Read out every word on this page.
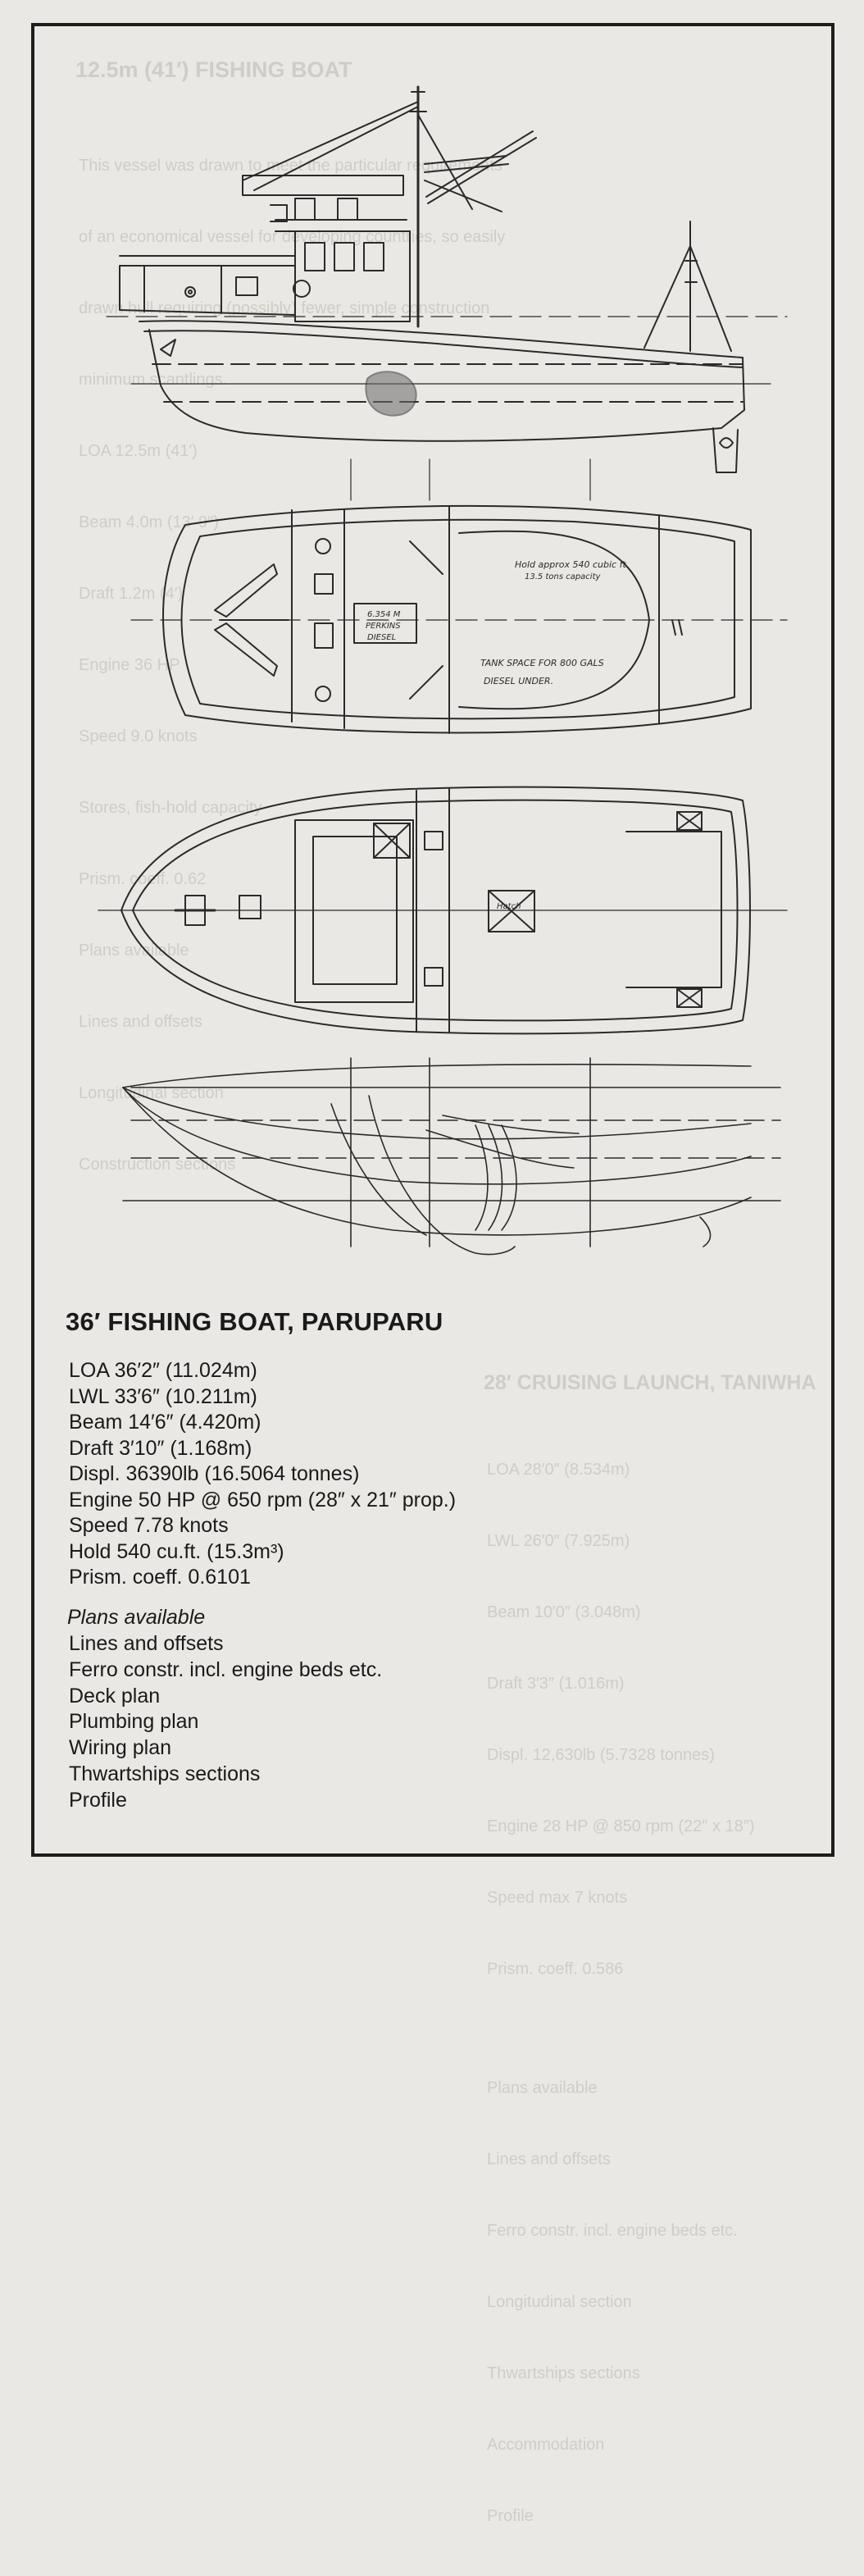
12.5m (41′) FISHING BOAT

This vessel was drawn to meet the particular requirements

of an economical vessel for developing countries, so easily

drawn hull requiring (possibly) fewer, simple construction

minimum scantlings.

LOA 12.5m (41′)

Beam 4.0m (13′ 9″)

Draft 1.2m (4′)

Engine 36 HP

Speed 9.0 knots

Stores, fish-hold capacity

Prism. coeff. 0.62

Plans available

Lines and offsets

Longitudinal section

Construction sections

28′ CRUISING LAUNCH, TANIWHA

LOA 28′0″ (8.534m)

LWL 26′0″ (7.925m)

Beam 10′0″ (3.048m)

Draft 3′3″ (1.016m)

Displ. 12,630lb (5.7328 tonnes)

Engine 28 HP @ 850 rpm (22″ x 18″)

Speed max 7 knots

Prism. coeff. 0.586

Plans available

Lines and offsets

Ferro constr. incl. engine beds etc.

Longitudinal section

Thwartships sections

Accommodation

Profile

Hold approx 540 cubic ft
13.5 tons capacity
TANK SPACE FOR 800 GALS
DIESEL UNDER.
6.354 M
PERKINS
DIESEL
Hatch
36′ FISHING BOAT, PARUPARU
LOA 36′2″ (11.024m)
LWL 33′6″ (10.211m)
Beam 14′6″ (4.420m)
Draft 3′10″ (1.168m)
Displ. 36390lb (16.5064 tonnes)
Engine 50 HP @ 650 rpm (28″ x 21″ prop.)
Speed 7.78 knots
Hold 540 cu.ft. (15.3m³)
Prism. coeff. 0.6101
Plans available
Lines and offsets
Ferro constr. incl. engine beds etc.
Deck plan
Plumbing plan
Wiring plan
Thwartships sections
Profile
